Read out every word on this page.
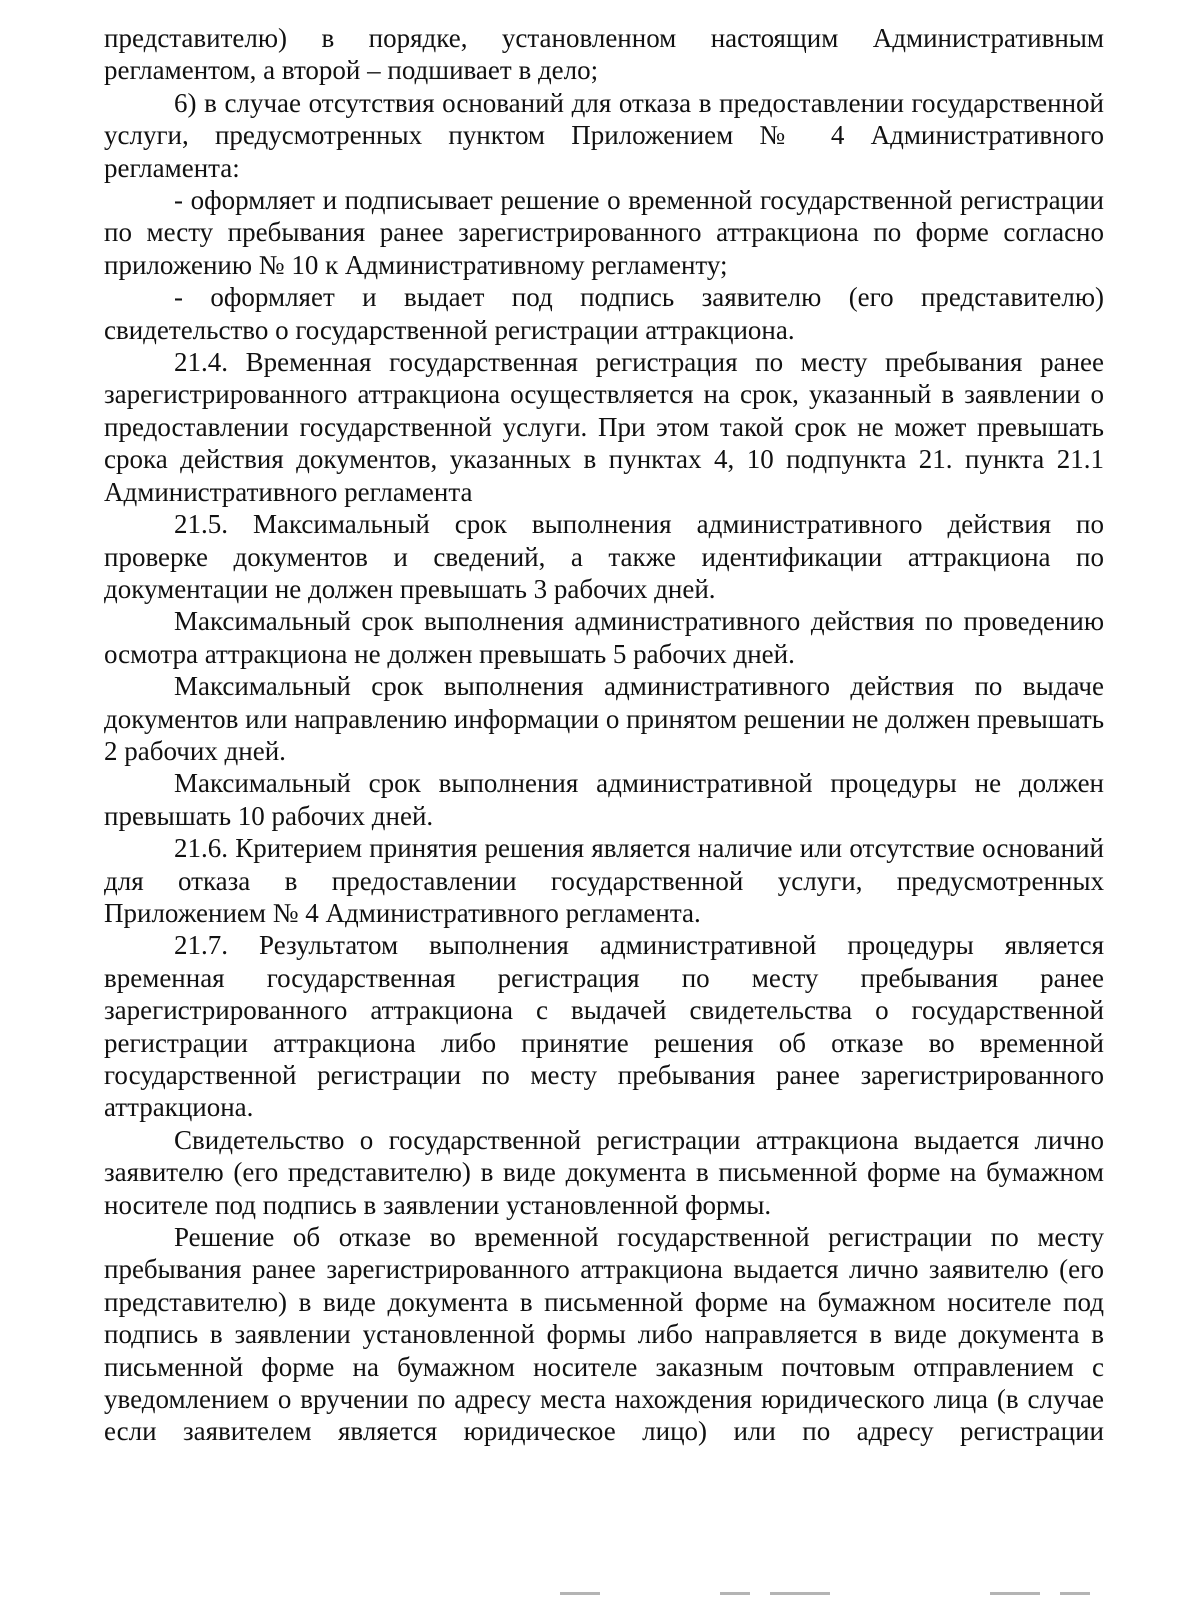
представителю) в порядке, установленном настоящим Административным регламентом, а второй – подшивает в дело;

6) в случае отсутствия оснований для отказа в предоставлении государственной услуги, предусмотренных пунктом Приложением № 4 Административного регламента:

- оформляет и подписывает решение о временной государственной регистрации по месту пребывания ранее зарегистрированного аттракциона по форме согласно приложению № 10 к Административному регламенту;

- оформляет и выдает под подпись заявителю (его представителю) свидетельство о государственной регистрации аттракциона.

21.4. Временная государственная регистрация по месту пребывания ранее зарегистрированного аттракциона осуществляется на срок, указанный в заявлении о предоставлении государственной услуги. При этом такой срок не может превышать срока действия документов, указанных в пунктах 4, 10 подпункта 21. пункта 21.1 Административного регламента

21.5. Максимальный срок выполнения административного действия по проверке документов и сведений, а также идентификации аттракциона по документации не должен превышать 3 рабочих дней.

Максимальный срок выполнения административного действия по проведению осмотра аттракциона не должен превышать 5 рабочих дней.

Максимальный срок выполнения административного действия по выдаче документов или направлению информации о принятом решении не должен превышать 2 рабочих дней.

Максимальный срок выполнения административной процедуры не должен превышать 10 рабочих дней.

21.6. Критерием принятия решения является наличие или отсутствие оснований для отказа в предоставлении государственной услуги, предусмотренных Приложением № 4 Административного регламента.

21.7. Результатом выполнения административной процедуры является временная государственная регистрация по месту пребывания ранее зарегистрированного аттракциона с выдачей свидетельства о государственной регистрации аттракциона либо принятие решения об отказе во временной государственной регистрации по месту пребывания ранее зарегистрированного аттракциона.

Свидетельство о государственной регистрации аттракциона выдается лично заявителю (его представителю) в виде документа в письменной форме на бумажном носителе под подпись в заявлении установленной формы.

Решение об отказе во временной государственной регистрации по месту пребывания ранее зарегистрированного аттракциона выдается лично заявителю (его представителю) в виде документа в письменной форме на бумажном носителе под подпись в заявлении установленной формы либо направляется в виде документа в письменной форме на бумажном носителе заказным почтовым отправлением с уведомлением о вручении по адресу места нахождения юридического лица (в случае если заявителем является юридическое лицо) или по адресу регистрации
